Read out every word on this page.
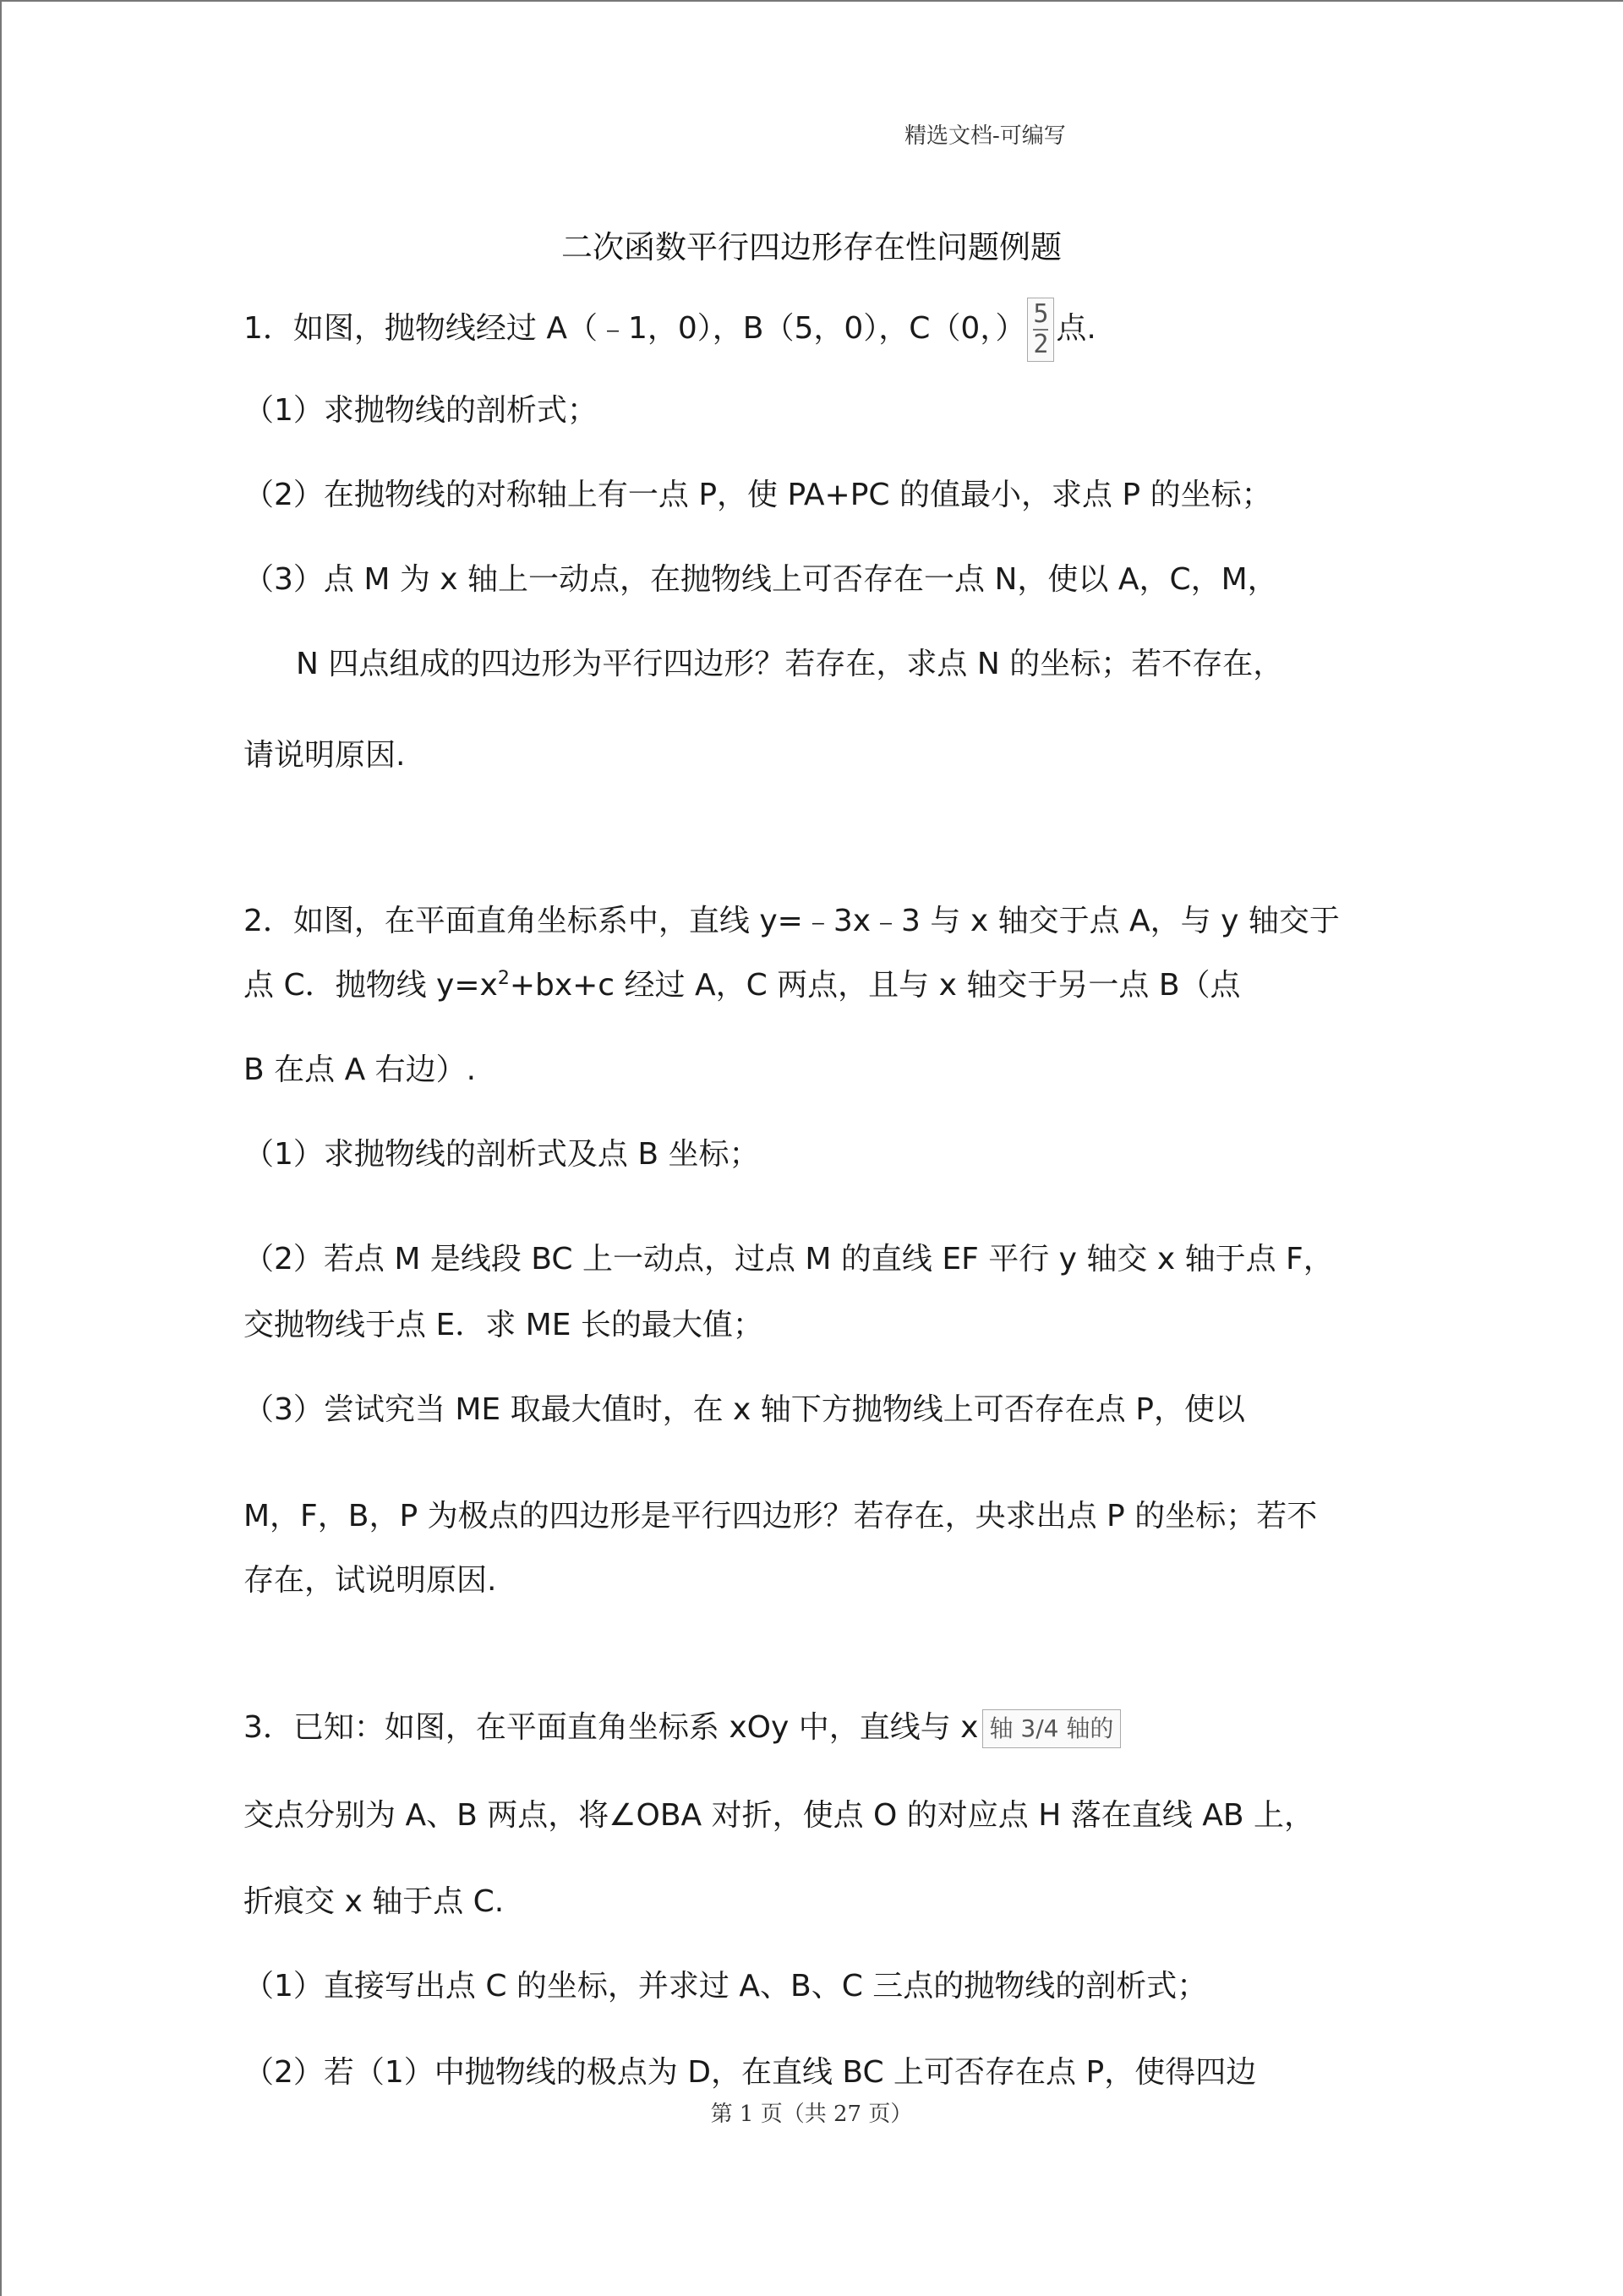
精选文档-可编写
二次函数平行四边形存在性问题例题
1．如图，抛物线经过 A（﹣1，0），B（5，0），C（0，） $\frac{5}{2}$ 点.
（1）求抛物线的剖析式；
（2）在抛物线的对称轴上有一点 P，使 PA+PC 的值最小，求点 P 的坐标；
（3）点 M 为 x 轴上一动点，在抛物线上可否存在一点 N，使以 A，C，M，
N 四点组成的四边形为平行四边形？若存在，求点 N 的坐标；若不存在，
请说明原因.
2．如图，在平面直角坐标系中，直线 y=﹣3x﹣3 与 x 轴交于点 A，与 y 轴交于
点 C．抛物线 $y=x^2+bx+c$ 经过 A，C 两点，且与 x 轴交于另一点 B（点
B 在点 A 右边）.
（1）求抛物线的剖析式及点 B 坐标；
（2）若点 M 是线段 BC 上一动点，过点 M 的直线 EF 平行 y 轴交 x 轴于点 F，
交抛物线于点 E．求 ME 长的最大值；
（3）尝试究当 ME 取最大值时，在 x 轴下方抛物线上可否存在点 P，使以
M，F，B，P 为极点的四边形是平行四边形？若存在，央求出点 P 的坐标；若不
存在，试说明原因.
3．已知：如图，在平面直角坐标系 xOy 中，直线与 x 轴 3/4 轴的
交点分别为 A、B 两点，将∠OBA 对折，使点 O 的对应点 H 落在直线 AB 上，
折痕交 x 轴于点 C.
（1）直接写出点 C 的坐标，并求过 A、B、C 三点的抛物线的剖析式；
（2）若（1）中抛物线的极点为 D，在直线 BC 上可否存在点 P，使得四边
第 1 页（共 27 页）
